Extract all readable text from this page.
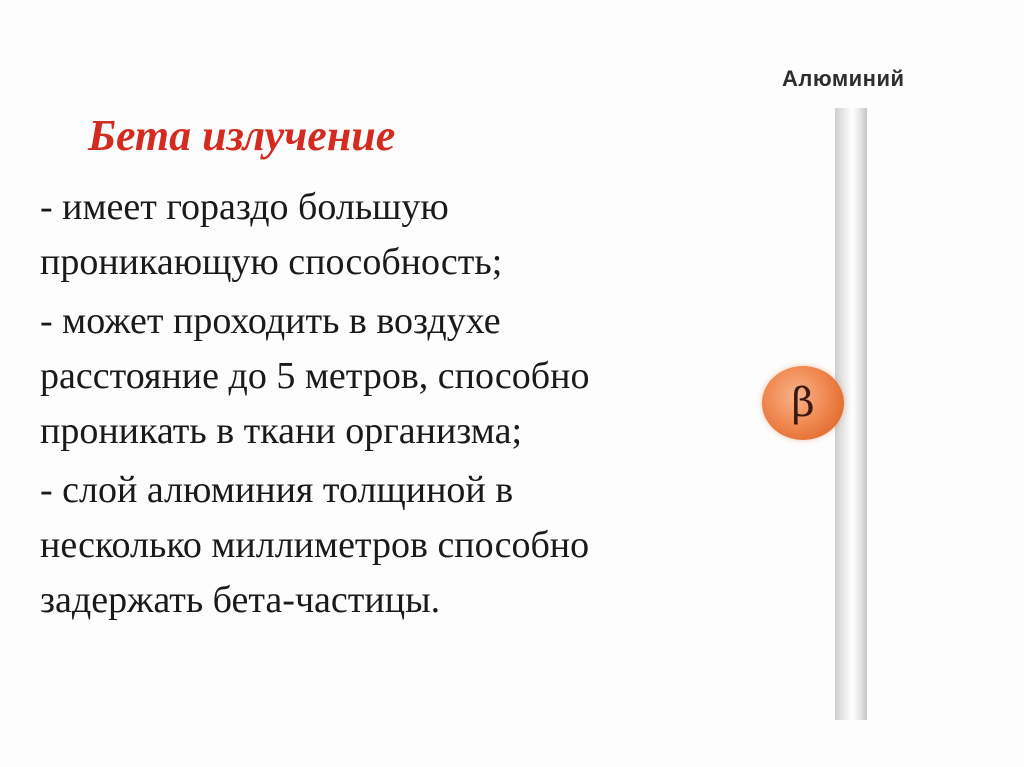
Бета излучение
- имеет гораздо большую
проникающую способность;
- может проходить в воздухе
расстояние до 5 метров, способно
проникать в ткани организма;
- слой алюминия толщиной в
несколько миллиметров способно
задержать бета-частицы.
Алюминий
β
